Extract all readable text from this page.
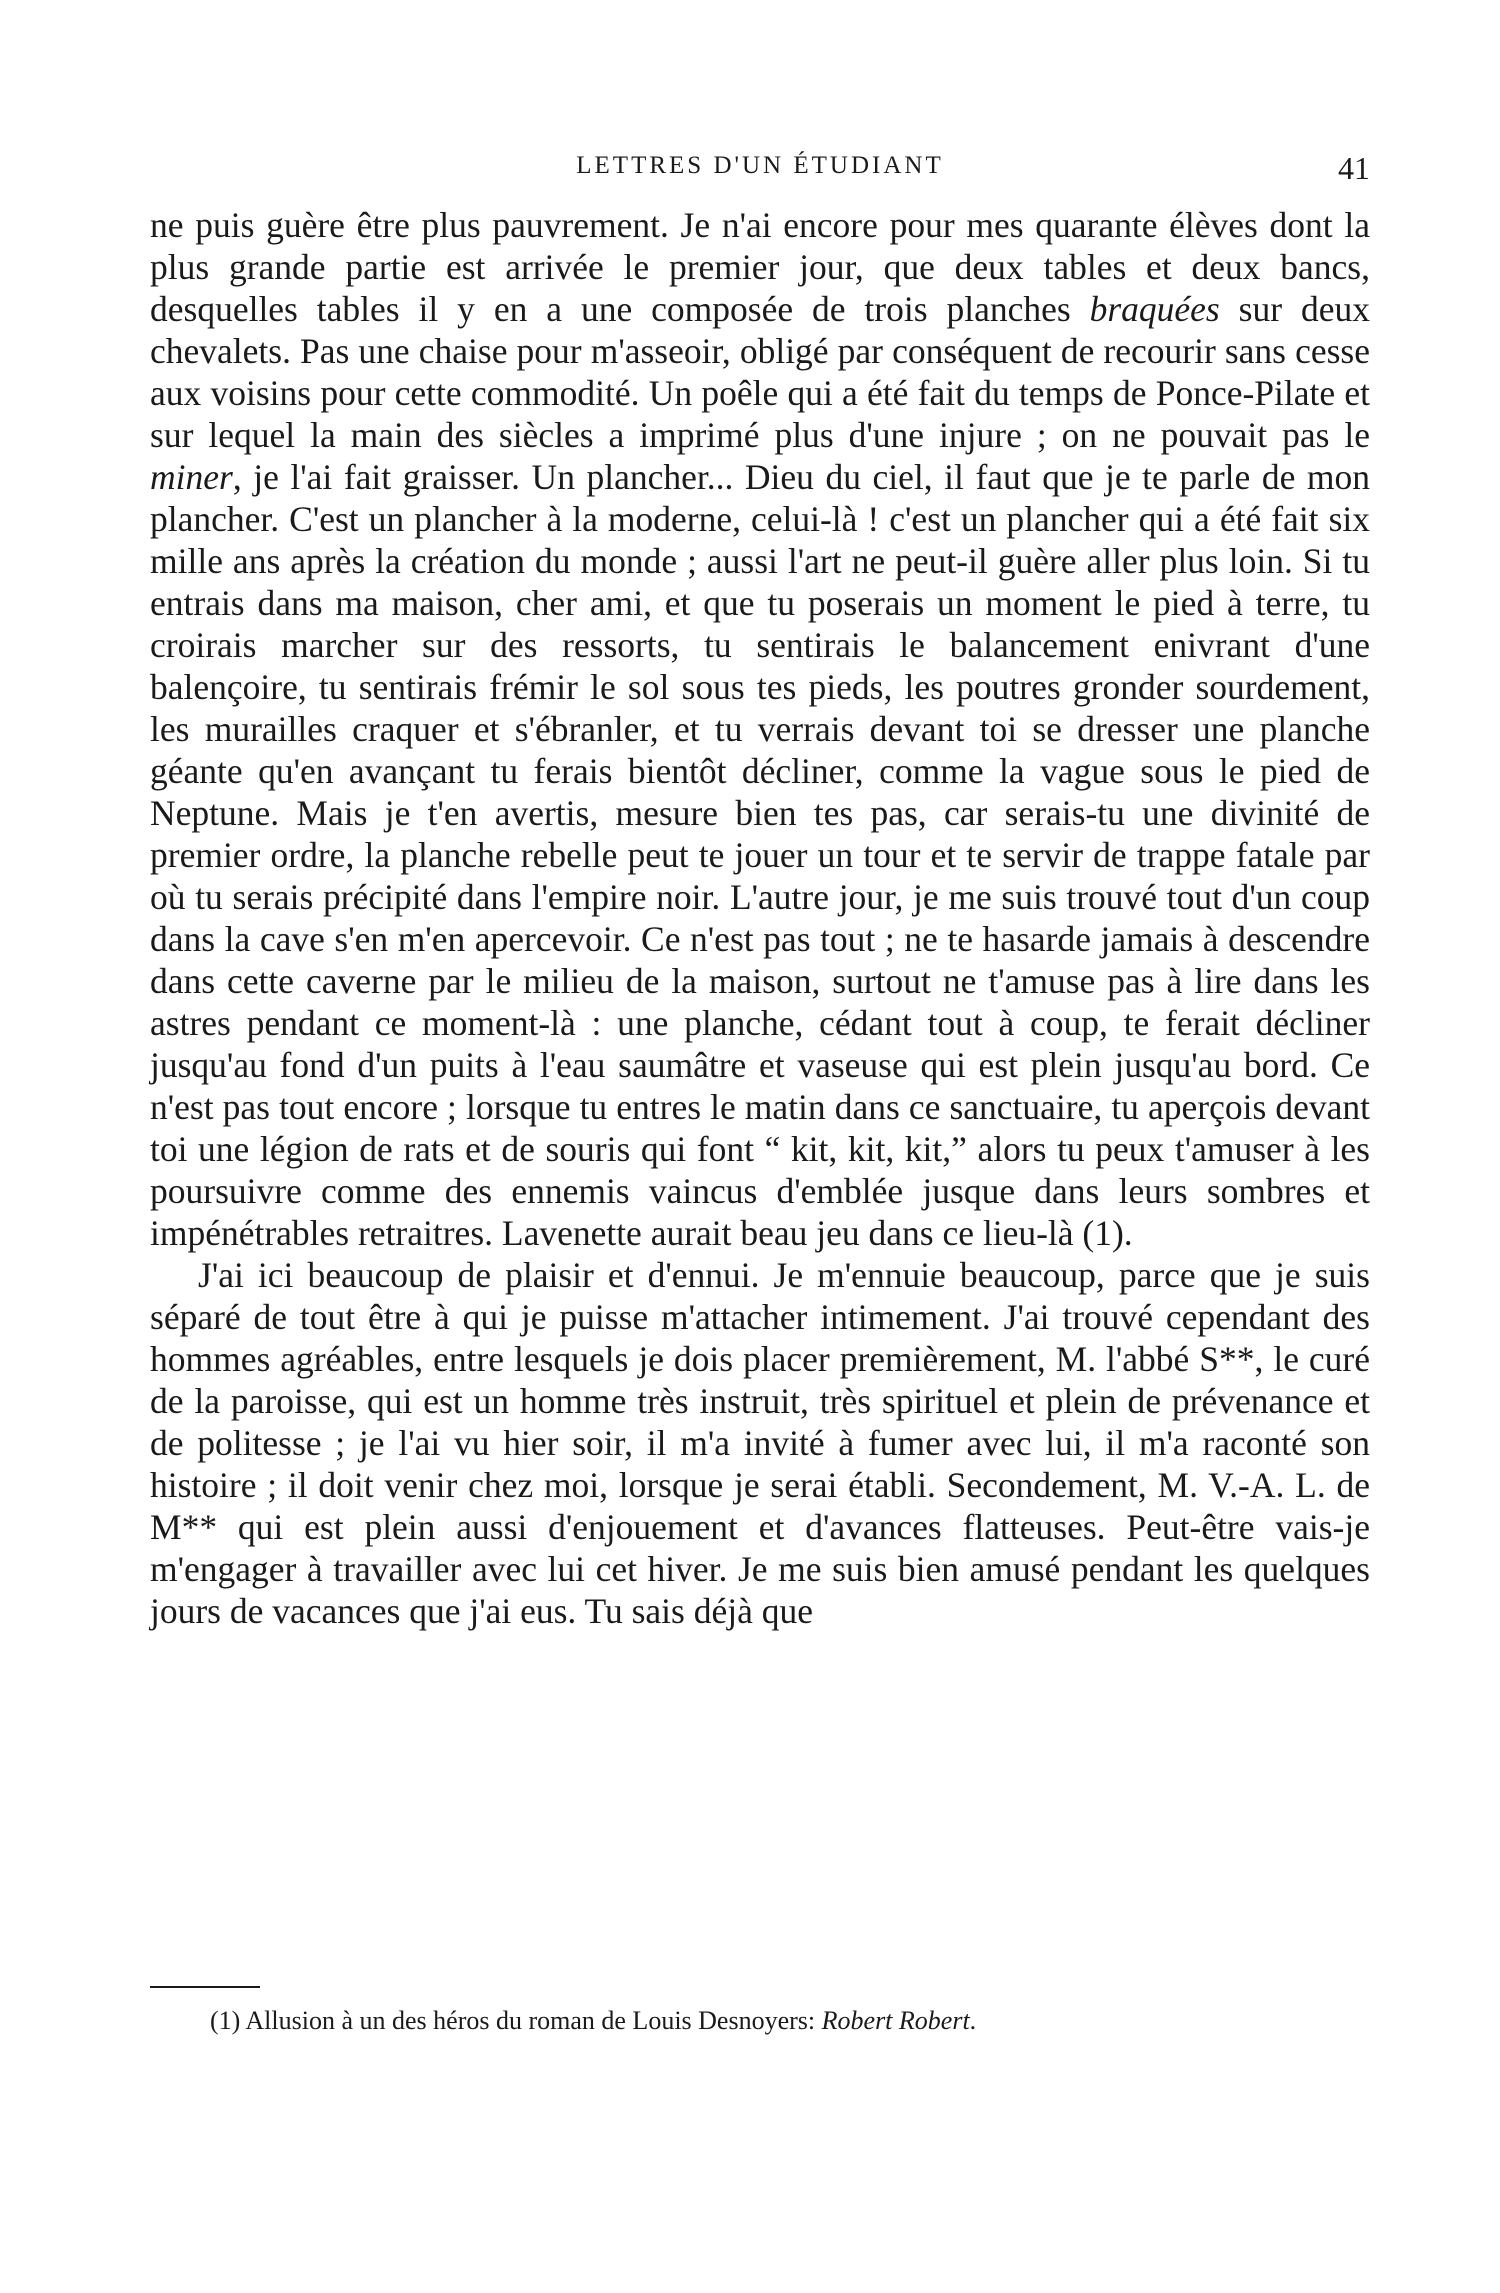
LETTRES D'UN ÉTUDIANT	41

ne puis guère être plus pauvrement. Je n'ai encore pour mes quarante élèves dont la plus grande partie est arrivée le premier jour, que deux tables et deux bancs, desquelles tables il y en a une composée de trois planches braquées sur deux chevalets. Pas une chaise pour m'asseoir, obligé par conséquent de recourir sans cesse aux voisins pour cette commodité. Un poêle qui a été fait du temps de Ponce-Pilate et sur lequel la main des siècles a imprimé plus d'une injure ; on ne pouvait pas le miner, je l'ai fait graisser. Un plancher... Dieu du ciel, il faut que je te parle de mon plancher. C'est un plancher à la moderne, celui-là ! c'est un plancher qui a été fait six mille ans après la création du monde ; aussi l'art ne peut-il guère aller plus loin. Si tu entrais dans ma maison, cher ami, et que tu poserais un moment le pied à terre, tu croirais marcher sur des ressorts, tu sentirais le balancement enivrant d'une balençoire, tu sentirais frémir le sol sous tes pieds, les poutres gronder sourdement, les murailles craquer et s'ébranler, et tu verrais devant toi se dresser une planche géante qu'en avançant tu ferais bientôt décliner, comme la vague sous le pied de Neptune. Mais je t'en avertis, mesure bien tes pas, car serais-tu une divinité de premier ordre, la planche rebelle peut te jouer un tour et te servir de trappe fatale par où tu serais précipité dans l'empire noir. L'autre jour, je me suis trouvé tout d'un coup dans la cave s'en m'en apercevoir. Ce n'est pas tout ; ne te hasarde jamais à descendre dans cette caverne par le milieu de la maison, surtout ne t'amuse pas à lire dans les astres pendant ce moment-là : une planche, cédant tout à coup, te ferait décliner jusqu'au fond d'un puits à l'eau saumâtre et vaseuse qui est plein jusqu'au bord. Ce n'est pas tout encore ; lorsque tu entres le matin dans ce sanctuaire, tu aperçois devant toi une légion de rats et de souris qui font “ kit, kit, kit,” alors tu peux t'amuser à les poursuivre comme des ennemis vaincus d'emblée jusque dans leurs sombres et impénétrables retraitres. Lavenette aurait beau jeu dans ce lieu-là (1).

J'ai ici beaucoup de plaisir et d'ennui. Je m'ennuie beaucoup, parce que je suis séparé de tout être à qui je puisse m'attacher intimement. J'ai trouvé cependant des hommes agréables, entre lesquels je dois placer premièrement, M. l'abbé S**, le curé de la paroisse, qui est un homme très instruit, très spirituel et plein de prévenance et de politesse ; je l'ai vu hier soir, il m'a invité à fumer avec lui, il m'a raconté son histoire ; il doit venir chez moi, lorsque je serai établi. Secondement, M. V.-A. L. de M** qui est plein aussi d'enjouement et d'avances flatteuses. Peut-être vais-je m'engager à travailler avec lui cet hiver. Je me suis bien amusé pendant les quelques jours de vacances que j'ai eus. Tu sais déjà que

(1) Allusion à un des héros du roman de Louis Desnoyers: Robert Robert.
